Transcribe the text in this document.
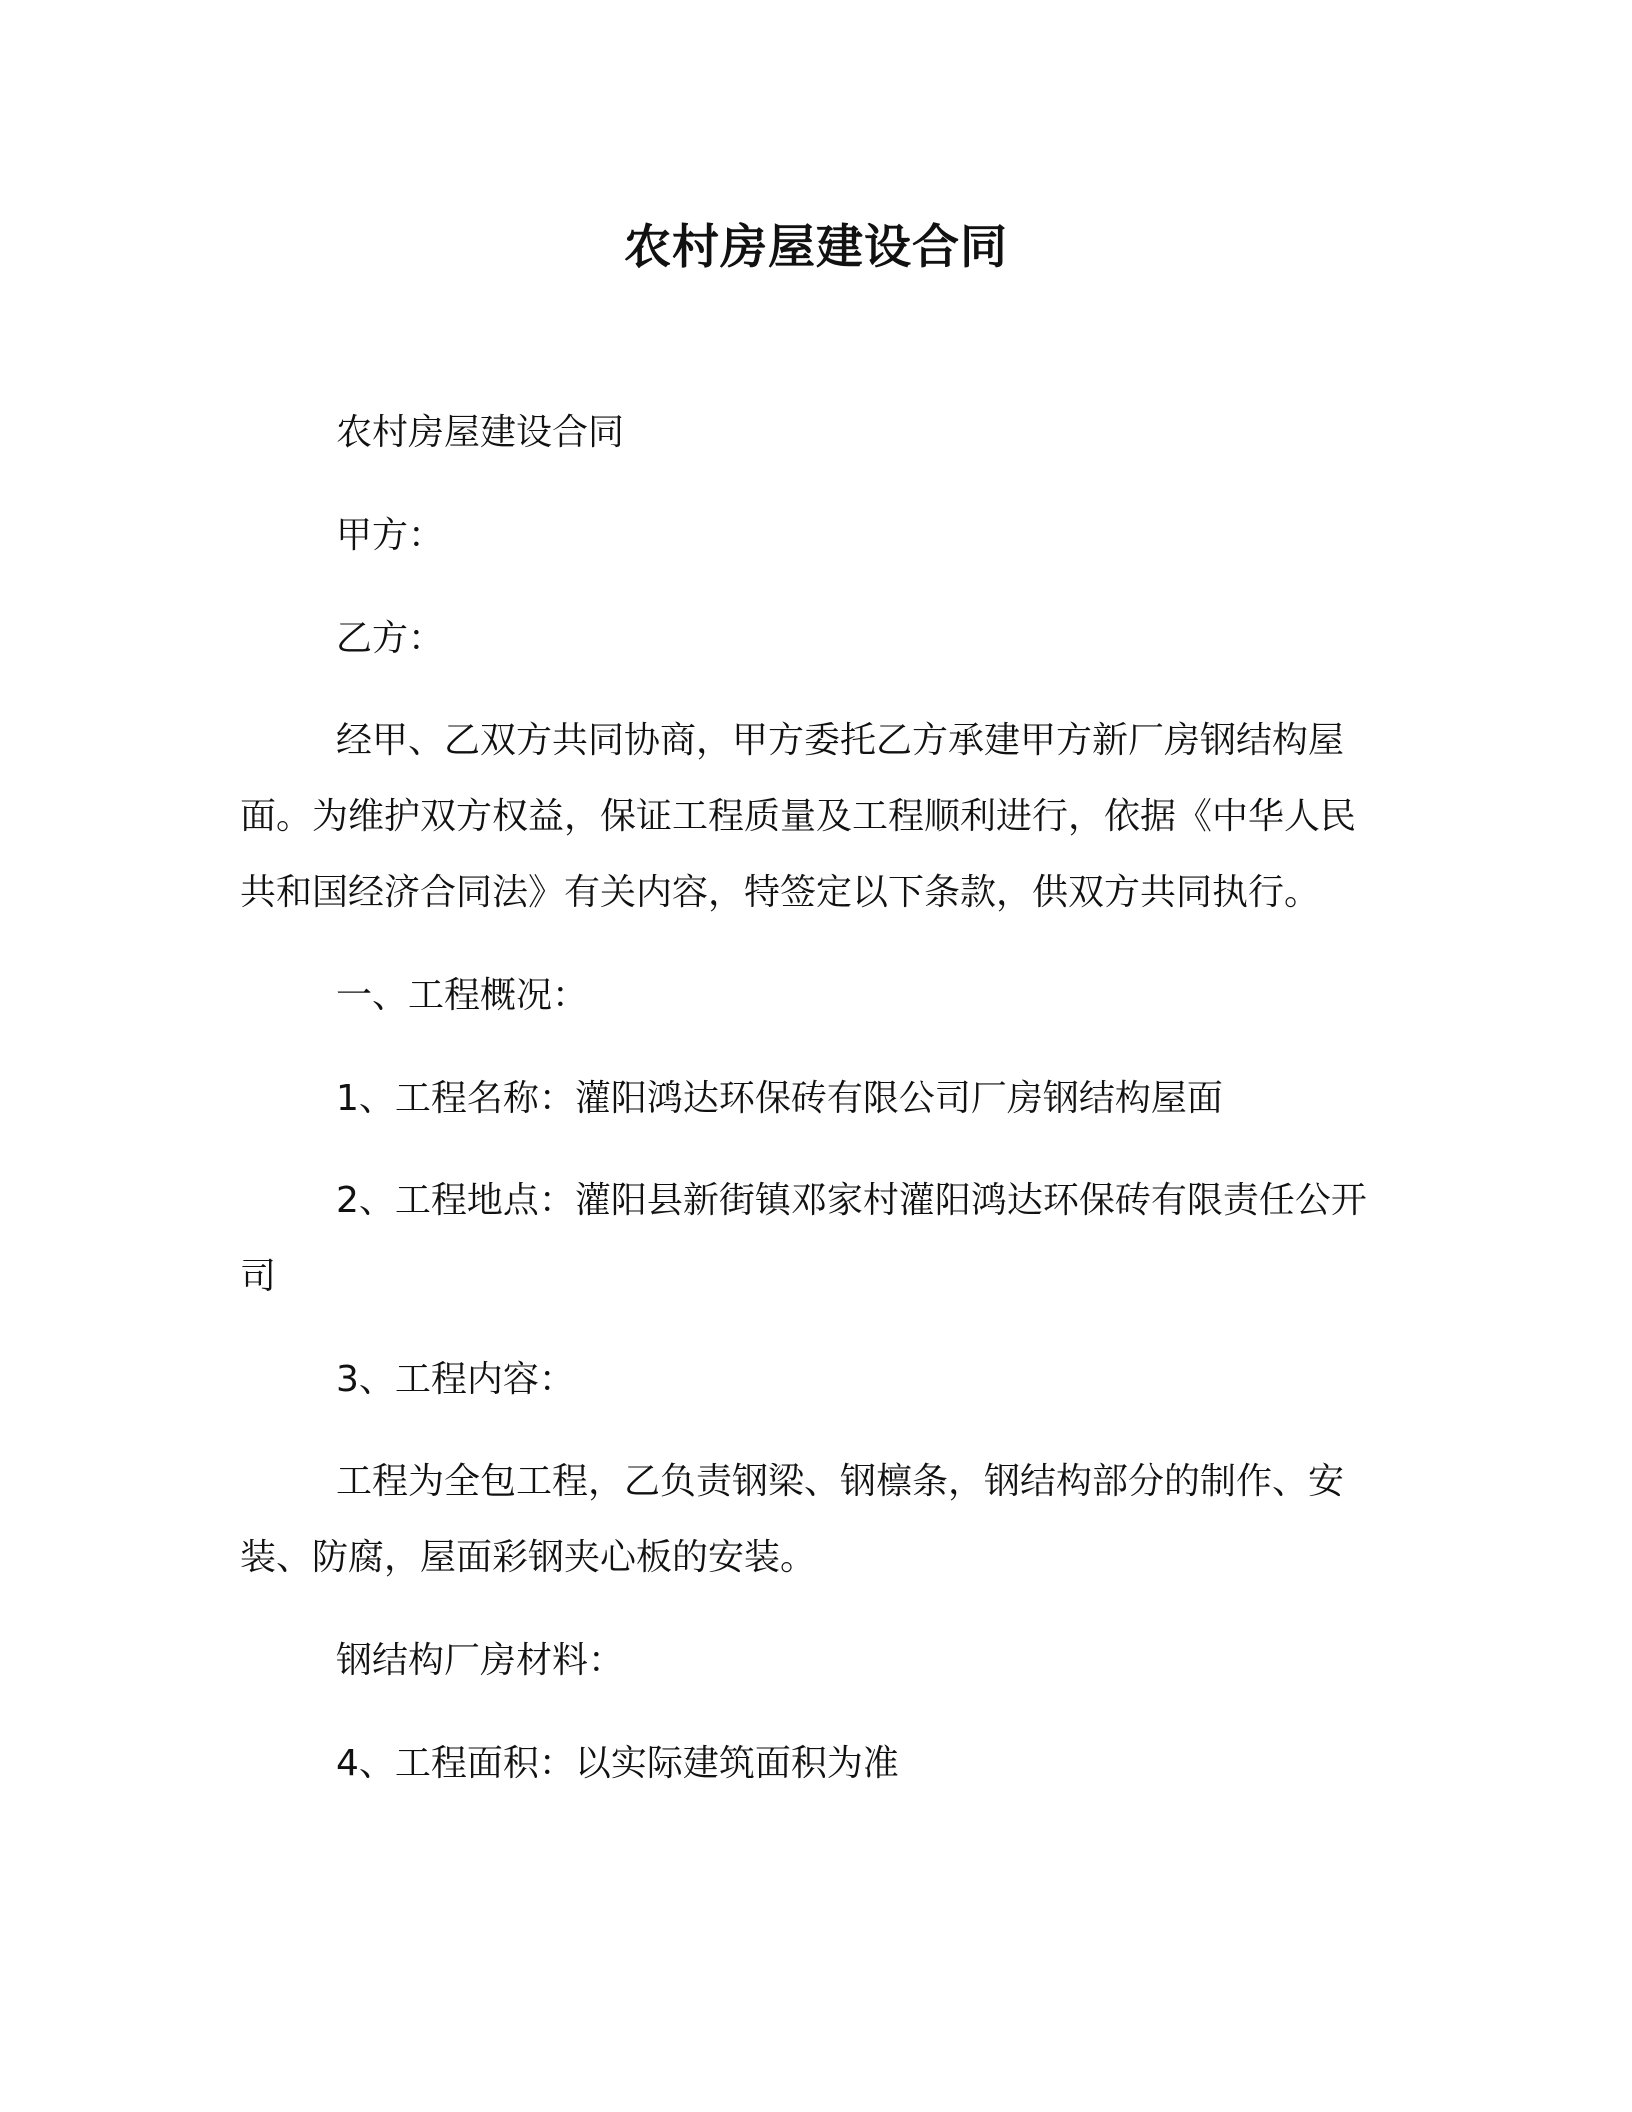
农村房屋建设合同

农村房屋建设合同

甲方：

乙方：

经甲、乙双方共同协商，甲方委托乙方承建甲方新厂房钢结构屋面。为维护双方权益，保证工程质量及工程顺利进行，依据《中华人民共和国经济合同法》有关内容，特签定以下条款，供双方共同执行。

一、工程概况：

1、工程名称：灌阳鸿达环保砖有限公司厂房钢结构屋面

2、工程地点：灌阳县新街镇邓家村灌阳鸿达环保砖有限责任公开司

3、工程内容：

工程为全包工程，乙负责钢梁、钢檩条，钢结构部分的制作、安装、防腐，屋面彩钢夹心板的安装。

钢结构厂房材料：

4、工程面积：以实际建筑面积为准
